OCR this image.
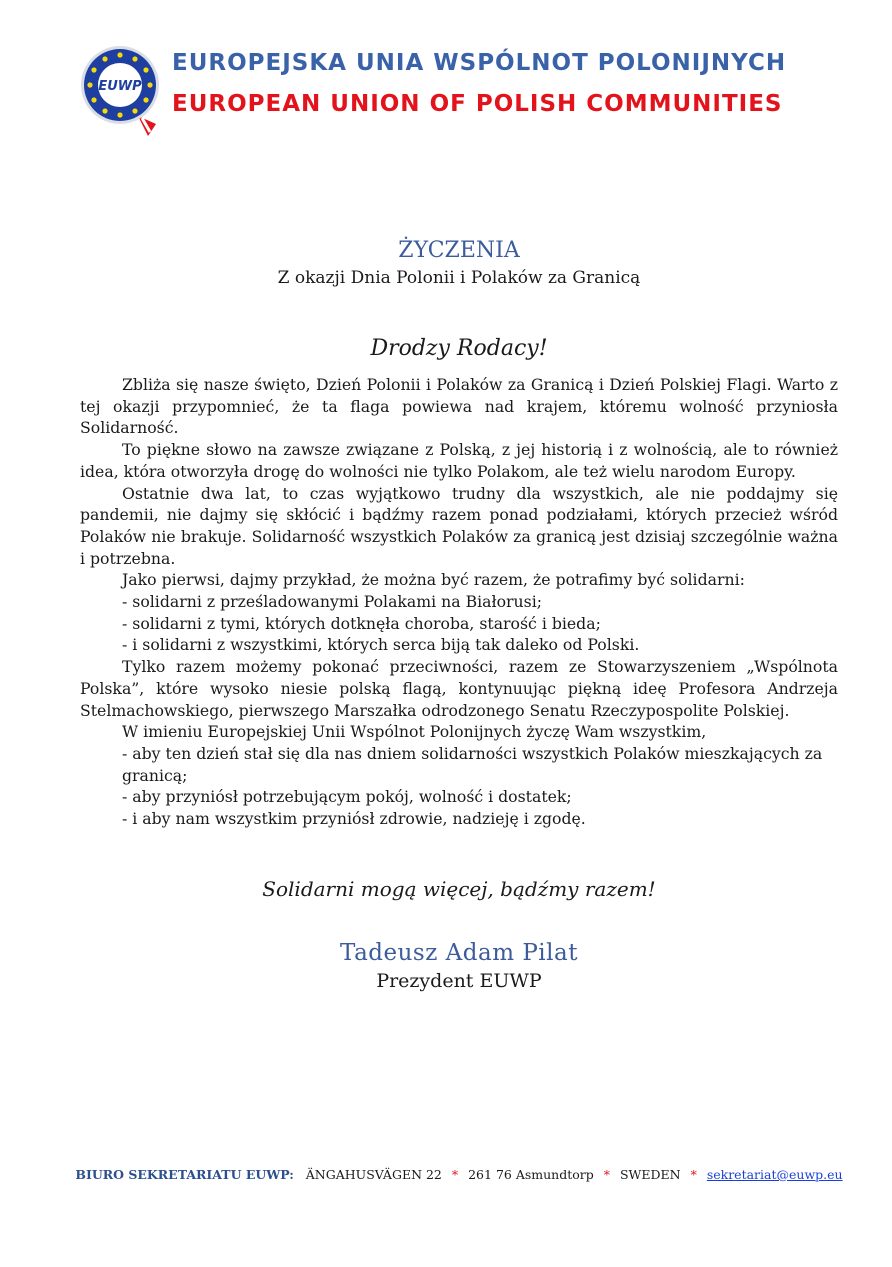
EUWP
EUROPEJSKA UNIA WSPÓLNOT POLONIJNYCH
EUROPEAN UNION OF POLISH COMMUNITIES
ŻYCZENIA
Z okazji Dnia Polonii i Polaków za Granicą
Drodzy Rodacy!

Zbliża się nasze święto, Dzień Polonii i Polaków za Granicą i Dzień Polskiej Flagi. Warto z tej okazji przypomnieć, że ta flaga powiewa nad krajem, któremu wolność przyniosła Solidarność.

To piękne słowo na zawsze związane z Polską, z jej historią i z wolnością, ale to również idea, która otworzyła drogę do wolności nie tylko Polakom, ale też wielu narodom Europy.

Ostatnie dwa lat, to czas wyjątkowo trudny dla wszystkich, ale nie poddajmy się pandemii, nie dajmy się skłócić i bądźmy razem ponad podziałami, których przecież wśród Polaków nie brakuje. Solidarność wszystkich Polaków za granicą jest dzisiaj szczególnie ważna i potrzebna.

Jako pierwsi, dajmy przykład, że można być razem, że potrafimy być solidarni:

- solidarni z prześladowanymi Polakami na Białorusi;

- solidarni z tymi, których dotknęła choroba, starość i bieda;

- i solidarni z wszystkimi, których serca biją tak daleko od Polski.

Tylko razem możemy pokonać przeciwności, razem ze Stowarzyszeniem „Wspólnota Polska”, które wysoko niesie polską flagą, kontynuując piękną ideę Profesora Andrzeja Stelmachowskiego, pierwszego Marszałka odrodzonego Senatu Rzeczypospolite Polskiej.

W imieniu Europejskiej Unii Wspólnot Polonijnych życzę Wam wszystkim,

- aby ten dzień stał się dla nas dniem solidarności wszystkich Polaków mieszkających za granicą;

- aby przyniósł potrzebującym pokój, wolność i dostatek;

- i aby nam wszystkim przyniósł zdrowie, nadzieję i zgodę.

Solidarni mogą więcej, bądźmy razem!
Tadeusz Adam Pilat
Prezydent EUWP
BIURO SEKRETARIATU EUWP: ÄNGAHUSVÄGEN 22 * 261 76 Asmundtorp * SWEDEN * sekretariat@euwp.eu
